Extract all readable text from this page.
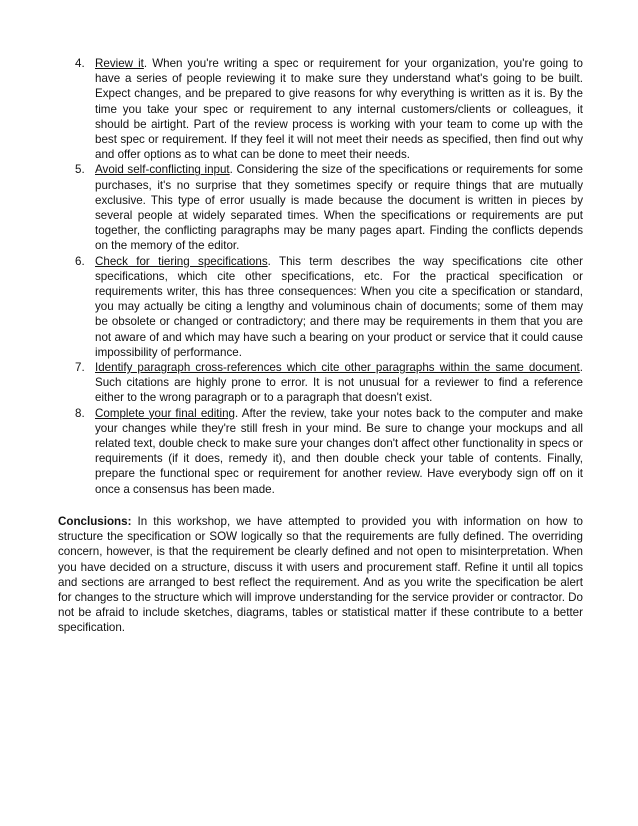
4. Review it. When you're writing a spec or requirement for your organization, you're going to have a series of people reviewing it to make sure they understand what's going to be built. Expect changes, and be prepared to give reasons for why everything is written as it is. By the time you take your spec or requirement to any internal customers/clients or colleagues, it should be airtight. Part of the review process is working with your team to come up with the best spec or requirement. If they feel it will not meet their needs as specified, then find out why and offer options as to what can be done to meet their needs.
5. Avoid self-conflicting input. Considering the size of the specifications or requirements for some purchases, it's no surprise that they sometimes specify or require things that are mutually exclusive. This type of error usually is made because the document is written in pieces by several people at widely separated times. When the specifications or requirements are put together, the conflicting paragraphs may be many pages apart. Finding the conflicts depends on the memory of the editor.
6. Check for tiering specifications. This term describes the way specifications cite other specifications, which cite other specifications, etc. For the practical specification or requirements writer, this has three consequences: When you cite a specification or standard, you may actually be citing a lengthy and voluminous chain of documents; some of them may be obsolete or changed or contradictory; and there may be requirements in them that you are not aware of and which may have such a bearing on your product or service that it could cause impossibility of performance.
7. Identify paragraph cross-references which cite other paragraphs within the same document. Such citations are highly prone to error. It is not unusual for a reviewer to find a reference either to the wrong paragraph or to a paragraph that doesn't exist.
8. Complete your final editing. After the review, take your notes back to the computer and make your changes while they're still fresh in your mind. Be sure to change your mockups and all related text, double check to make sure your changes don't affect other functionality in specs or requirements (if it does, remedy it), and then double check your table of contents. Finally, prepare the functional spec or requirement for another review. Have everybody sign off on it once a consensus has been made.

Conclusions: In this workshop, we have attempted to provided you with information on how to structure the specification or SOW logically so that the requirements are fully defined. The overriding concern, however, is that the requirement be clearly defined and not open to misinterpretation. When you have decided on a structure, discuss it with users and procurement staff. Refine it until all topics and sections are arranged to best reflect the requirement. And as you write the specification be alert for changes to the structure which will improve understanding for the service provider or contractor. Do not be afraid to include sketches, diagrams, tables or statistical matter if these contribute to a better specification.
